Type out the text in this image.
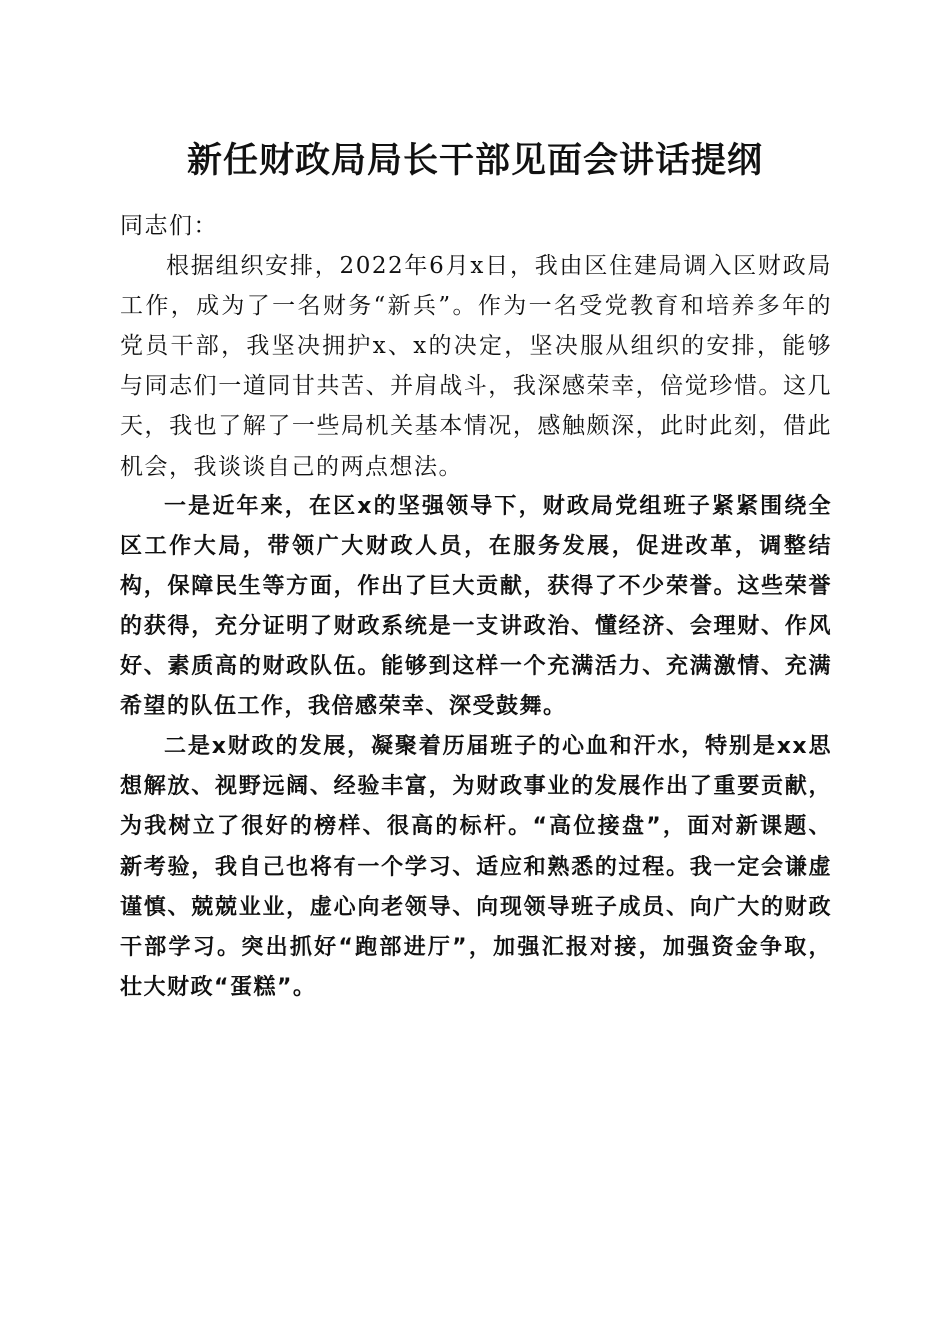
新任财政局局长干部见面会讲话提纲

同志们：

根据组织安排，2022年6月x日，我由区住建局调入区财政局工作，成为了一名财务“新兵”。作为一名受党教育和培养多年的党员干部，我坚决拥护x、x的决定，坚决服从组织的安排，能够与同志们一道同甘共苦、并肩战斗，我深感荣幸，倍觉珍惜。这几天，我也了解了一些局机关基本情况，感触颇深，此时此刻，借此机会，我谈谈自己的两点想法。

一是近年来，在区x的坚强领导下，财政局党组班子紧紧围绕全区工作大局，带领广大财政人员，在服务发展，促进改革，调整结构，保障民生等方面，作出了巨大贡献，获得了不少荣誉。这些荣誉的获得，充分证明了财政系统是一支讲政治、懂经济、会理财、作风好、素质高的财政队伍。能够到这样一个充满活力、充满激情、充满希望的队伍工作，我倍感荣幸、深受鼓舞。

二是x财政的发展，凝聚着历届班子的心血和汗水，特别是xx思想解放、视野远阔、经验丰富，为财政事业的发展作出了重要贡献，为我树立了很好的榜样、很高的标杆。“高位接盘”，面对新课题、新考验，我自己也将有一个学习、适应和熟悉的过程。我一定会谦虚谨慎、兢兢业业，虚心向老领导、向现领导班子成员、向广大的财政干部学习。突出抓好“跑部进厅”，加强汇报对接，加强资金争取，壮大财政“蛋糕”。
